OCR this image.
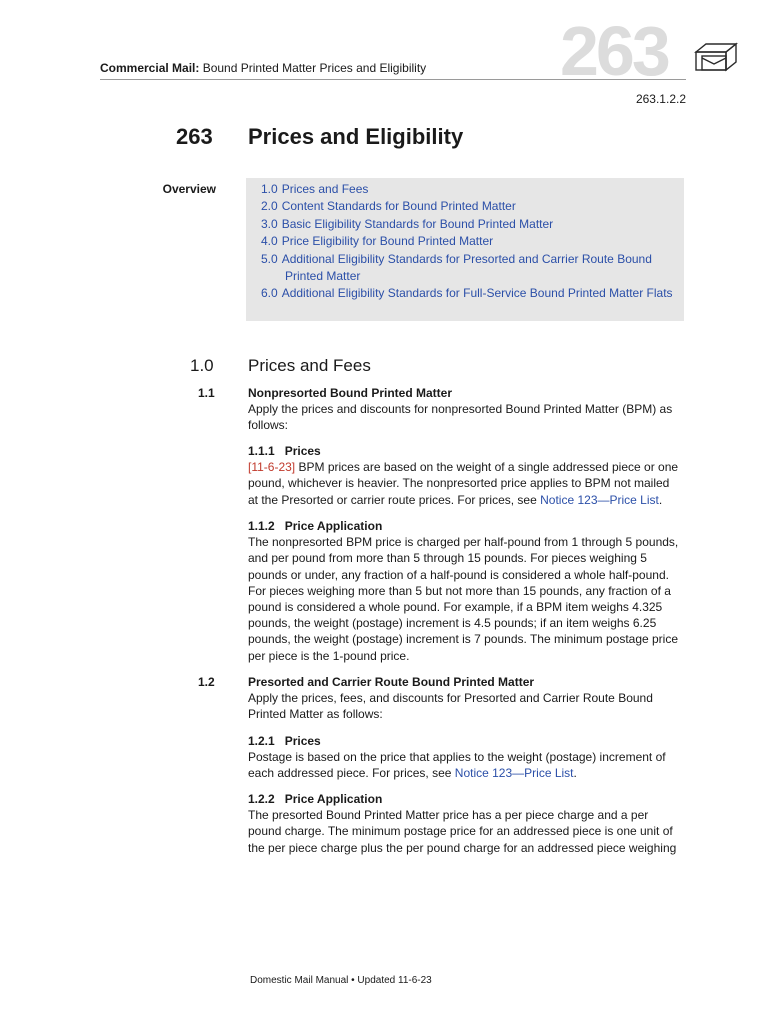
Commercial Mail: Bound Printed Matter Prices and Eligibility 263
263.1.2.2
263 Prices and Eligibility
Overview	1.0 Prices and Fees
2.0 Content Standards for Bound Printed Matter
3.0 Basic Eligibility Standards for Bound Printed Matter
4.0 Price Eligibility for Bound Printed Matter
5.0 Additional Eligibility Standards for Presorted and Carrier Route Bound Printed Matter
6.0 Additional Eligibility Standards for Full-Service Bound Printed Matter Flats
1.0 Prices and Fees
1.1	Nonpresorted Bound Printed Matter
Apply the prices and discounts for nonpresorted Bound Printed Matter (BPM) as follows:
1.1.1   Prices
[11-6-23] BPM prices are based on the weight of a single addressed piece or one pound, whichever is heavier. The nonpresorted price applies to BPM not mailed at the Presorted or carrier route prices. For prices, see Notice 123—Price List.
1.1.2   Price Application
The nonpresorted BPM price is charged per half-pound from 1 through 5 pounds, and per pound from more than 5 through 15 pounds. For pieces weighing 5 pounds or under, any fraction of a half-pound is considered a whole half-pound. For pieces weighing more than 5 but not more than 15 pounds, any fraction of a pound is considered a whole pound. For example, if a BPM item weighs 4.325 pounds, the weight (postage) increment is 4.5 pounds; if an item weighs 6.25 pounds, the weight (postage) increment is 7 pounds. The minimum postage price per piece is the 1-pound price.
1.2	Presorted and Carrier Route Bound Printed Matter
Apply the prices, fees, and discounts for Presorted and Carrier Route Bound Printed Matter as follows:
1.2.1   Prices
Postage is based on the price that applies to the weight (postage) increment of each addressed piece. For prices, see Notice 123—Price List.
1.2.2   Price Application
The presorted Bound Printed Matter price has a per piece charge and a per pound charge. The minimum postage price for an addressed piece is one unit of the per piece charge plus the per pound charge for an addressed piece weighing
Domestic Mail Manual • Updated 11-6-23
